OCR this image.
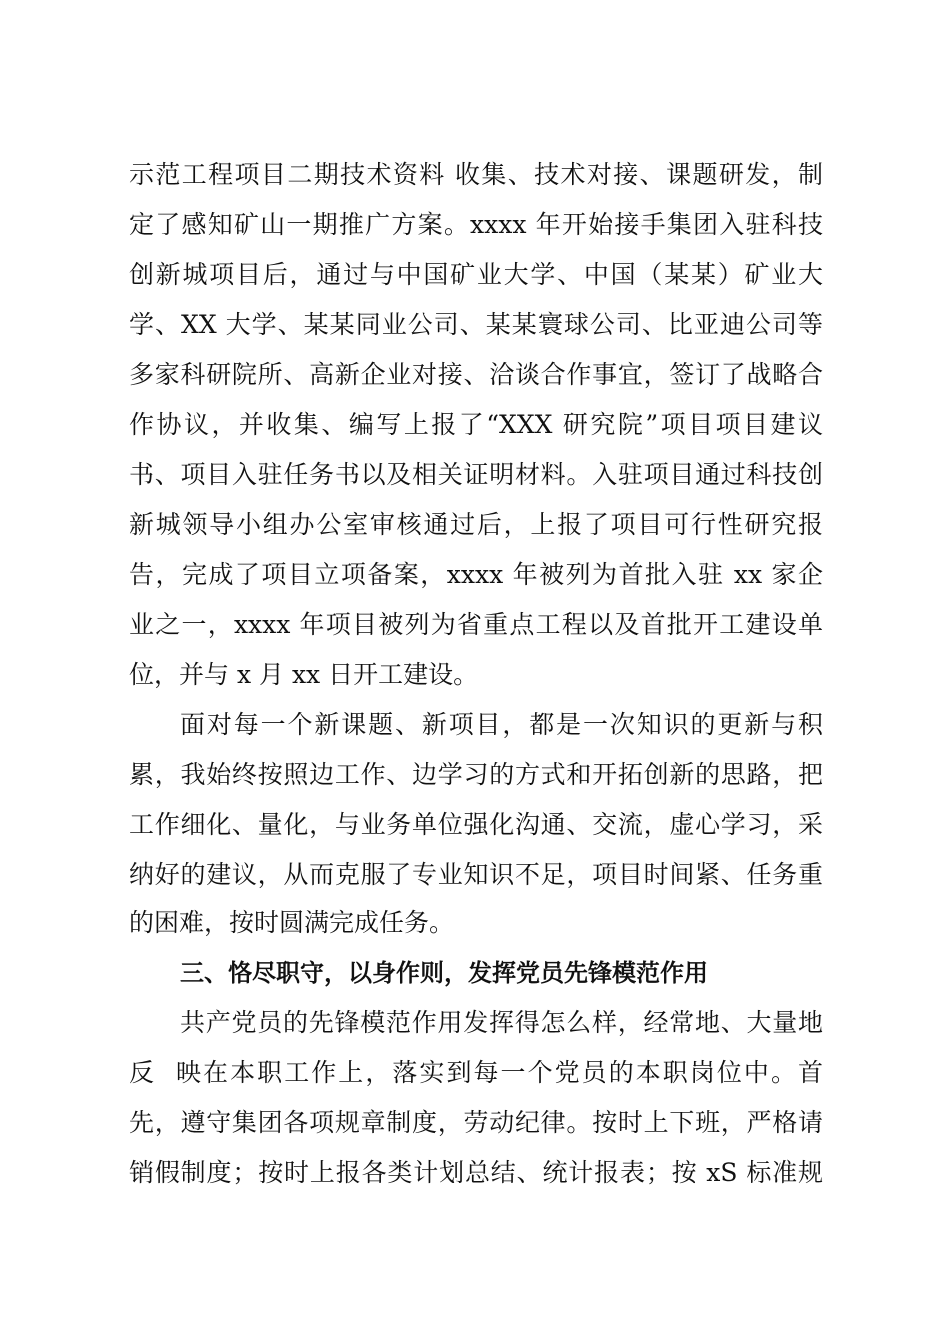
示范工程项目二期技术资料 收集、技术对接、课题研发，制
定了感知矿山一期推广方案。xxxx 年开始接手集团入驻科技
创新城项目后，通过与中国矿业大学、中国（某某）矿业大
学、XX 大学、某某同业公司、某某寰球公司、比亚迪公司等
多家科研院所、高新企业对接、洽谈合作事宜，签订了战略合
作协议，并收集、编写上报了“XXX 研究院”项目项目建议
书、项目入驻任务书以及相关证明材料。入驻项目通过科技创
新城领导小组办公室审核通过后，上报了项目可行性研究报
告，完成了项目立项备案，xxxx 年被列为首批入驻 xx 家企
业之一，xxxx 年项目被列为省重点工程以及首批开工建设单
位，并与 x 月 xx 日开工建设。
面对每一个新课题、新项目，都是一次知识的更新与积
累，我始终按照边工作、边学习的方式和开拓创新的思路，把
工作细化、量化，与业务单位强化沟通、交流，虚心学习，采
纳好的建议，从而克服了专业知识不足，项目时间紧、任务重
的困难，按时圆满完成任务。
三、恪尽职守，以身作则，发挥党员先锋模范作用
共产党员的先锋模范作用发挥得怎么样，经常地、大量地
反  映在本职工作上，落实到每一个党员的本职岗位中。首
先，遵守集团各项规章制度，劳动纪律。按时上下班，严格请
销假制度；按时上报各类计划总结、统计报表；按 xS 标准规
